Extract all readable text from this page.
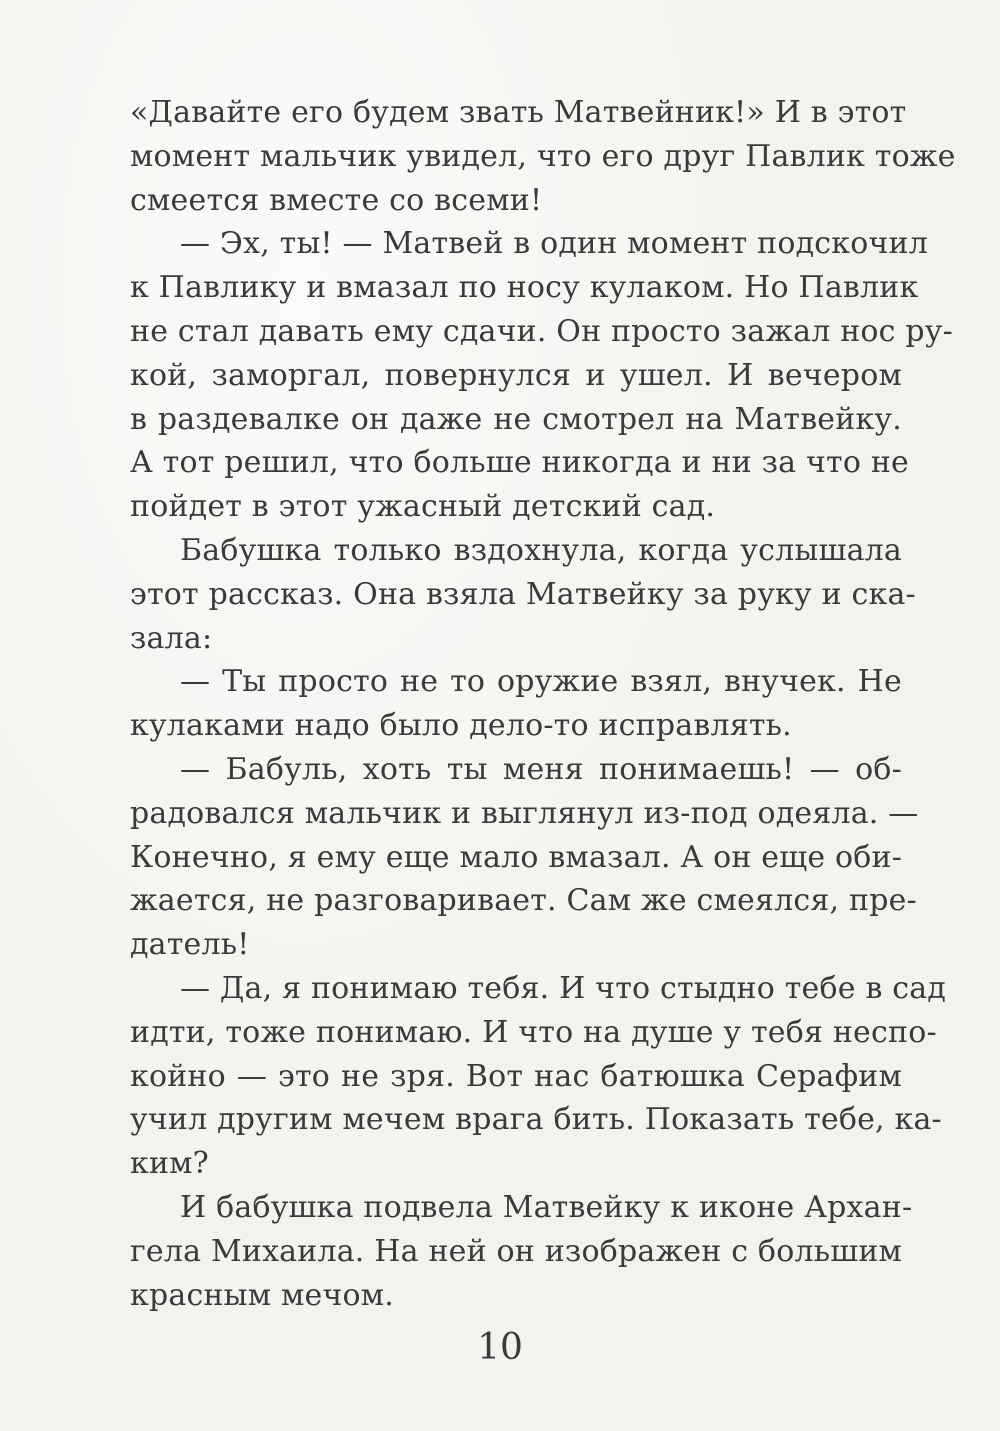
«Давайте его будем звать Матвейник!» И в этот
момент мальчик увидел, что его друг Павлик тоже
смеется вместе со всеми!
— Эх, ты! — Матвей в один момент подскочил
к Павлику и вмазал по носу кулаком. Но Павлик
не стал давать ему сдачи. Он просто зажал нос ру-
кой, заморгал, повернулся и ушел. И вечером
в раздевалке он даже не смотрел на Матвейку.
А тот решил, что больше никогда и ни за что не
пойдет в этот ужасный детский сад.
Бабушка только вздохнула, когда услышала
этот рассказ. Она взяла Матвейку за руку и ска-
зала:
— Ты просто не то оружие взял, внучек. Не
кулаками надо было дело-то исправлять.
— Бабуль, хоть ты меня понимаешь! — об-
радовался мальчик и выглянул из-под одеяла. —
Конечно, я ему еще мало вмазал. А он еще оби-
жается, не разговаривает. Сам же смеялся, пре-
датель!
— Да, я понимаю тебя. И что стыдно тебе в сад
идти, тоже понимаю. И что на душе у тебя неспо-
койно — это не зря. Вот нас батюшка Серафим
учил другим мечем врага бить. Показать тебе, ка-
ким?
И бабушка подвела Матвейку к иконе Архан-
гела Михаила. На ней он изображен с большим
красным мечом.
10
